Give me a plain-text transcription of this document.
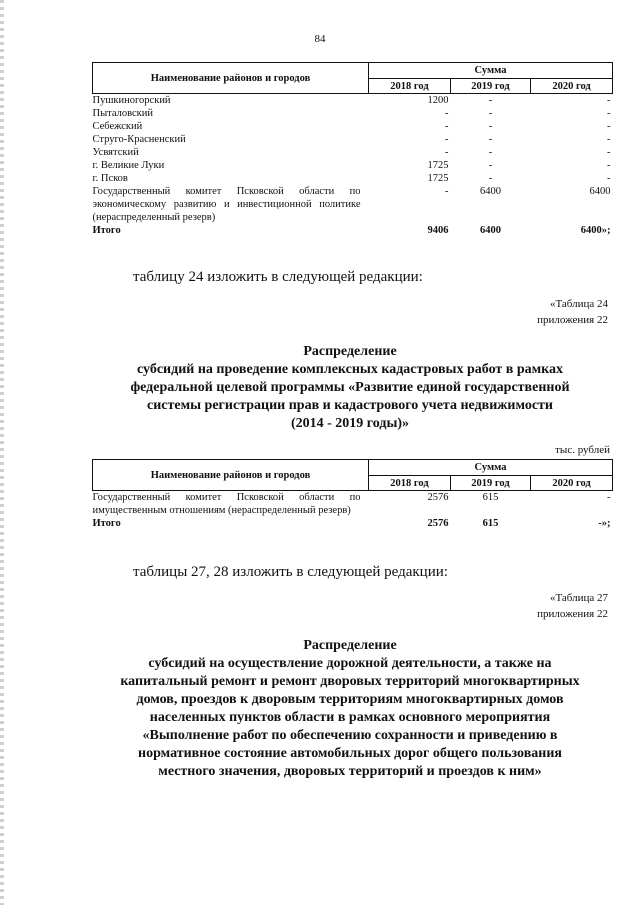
84
Наименование районов и городов	Сумма		
	2018 год	2019 год	2020 год
Пушкиногорский	1200	-	-
Пыталовский	-	-	-
Себежский	-	-	-
Струго-Красненский	-	-	-
Усвятский	-	-	-
г. Великие Луки	1725	-	-
г. Псков	1725	-	-
Государственный комитет Псковской области по экономическому развитию и инвестиционной политике (нераспределенный резерв)	-	6400	6400
Итого	9406	6400	6400»;
таблицу 24 изложить в следующей редакции:
«Таблица 24
приложения 22
Распределение
субсидий на проведение комплексных кадастровых работ в рамках
федеральной целевой программы «Развитие единой государственной
системы регистрации прав и кадастрового учета недвижимости
(2014 - 2019 годы)»
тыс. рублей
Наименование районов и городов	Сумма		
	2018 год	2019 год	2020 год
Государственный комитет Псковской области по имущественным отношениям (нераспределенный резерв)	2576	615	-
Итого	2576	615	-»;
таблицы 27, 28 изложить в следующей редакции:
«Таблица 27
приложения 22
Распределение
субсидий на осуществление дорожной деятельности, а также на
капитальный ремонт и ремонт дворовых территорий многоквартирных
домов, проездов к дворовым территориям многоквартирных домов
населенных пунктов области в рамках основного мероприятия
«Выполнение работ по обеспечению сохранности и приведению в
нормативное состояние автомобильных дорог общего пользования
местного значения, дворовых территорий и проездов к ним»
